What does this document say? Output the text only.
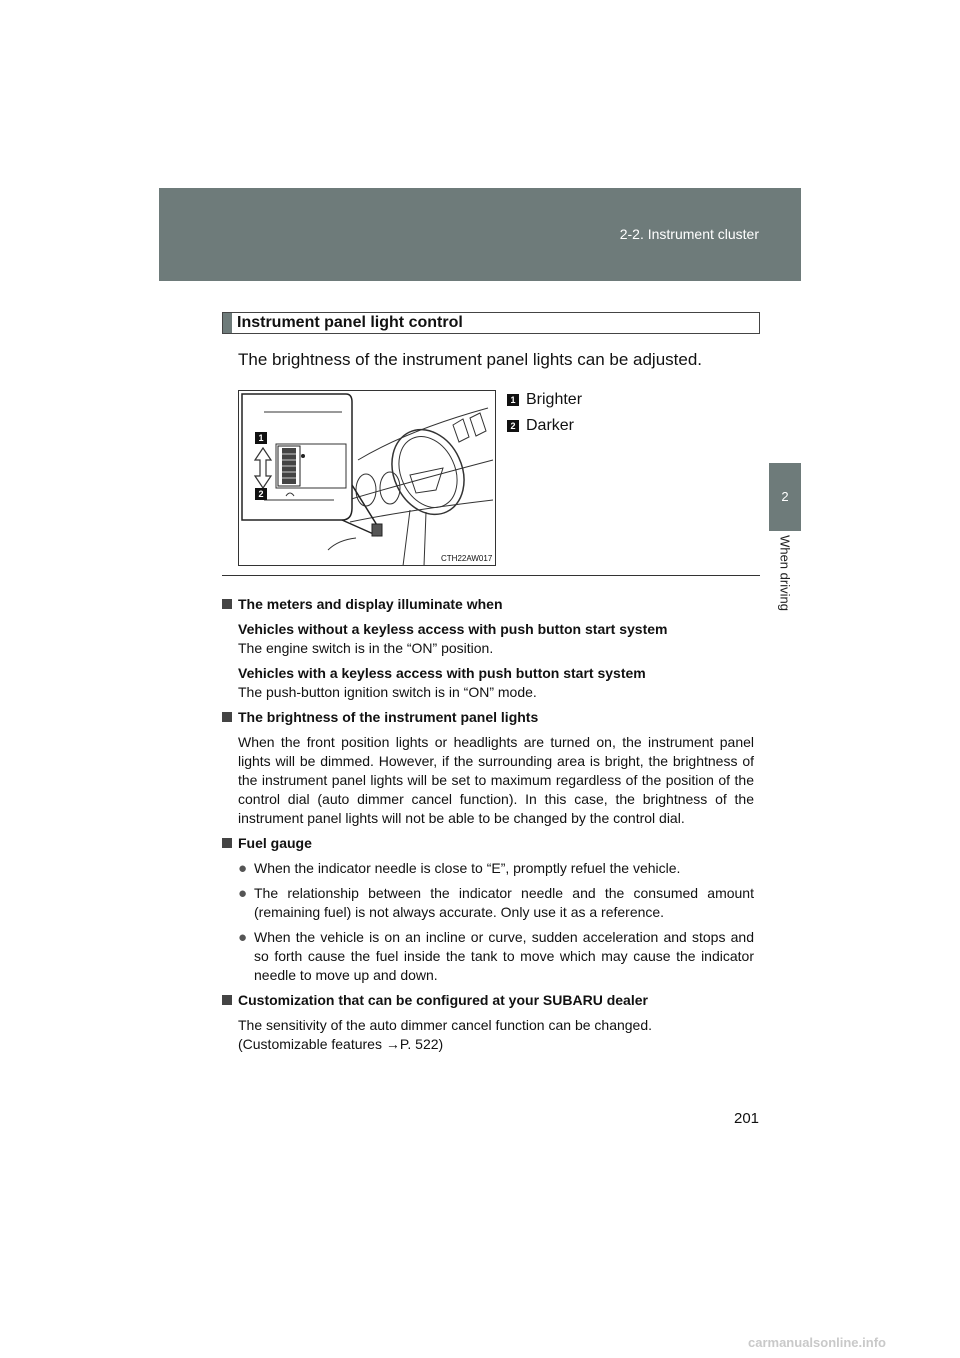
2-2. Instrument cluster
2
When driving
Instrument panel light control
The brightness of the instrument panel lights can be adjusted.
1
2
CTH22AW017
1 Brighter
2 Darker

The meters and display illuminate when

Vehicles without a keyless access with push button start system

The engine switch is in the “ON” position.

Vehicles with a keyless access with push button start system

The push-button ignition switch is in “ON” mode.

The brightness of the instrument panel lights

When the front position lights or headlights are turned on, the instrument panel lights will be dimmed. However, if the surrounding area is bright, the brightness of the instrument panel lights will be set to maximum regardless of the position of the control dial (auto dimmer cancel function). In this case, the brightness of the instrument panel lights will not be able to be changed by the control dial.

Fuel gauge

● When the indicator needle is close to “E”, promptly refuel the vehicle.
● The relationship between the indicator needle and the consumed amount (remaining fuel) is not always accurate. Only use it as a reference.
● When the vehicle is on an incline or curve, sudden acceleration and stops and so forth cause the fuel inside the tank to move which may cause the indicator needle to move up and down.

Customization that can be configured at your SUBARU dealer

The sensitivity of the auto dimmer cancel function can be changed.

(Customizable features →P. 522)

201
carmanualsonline.info
